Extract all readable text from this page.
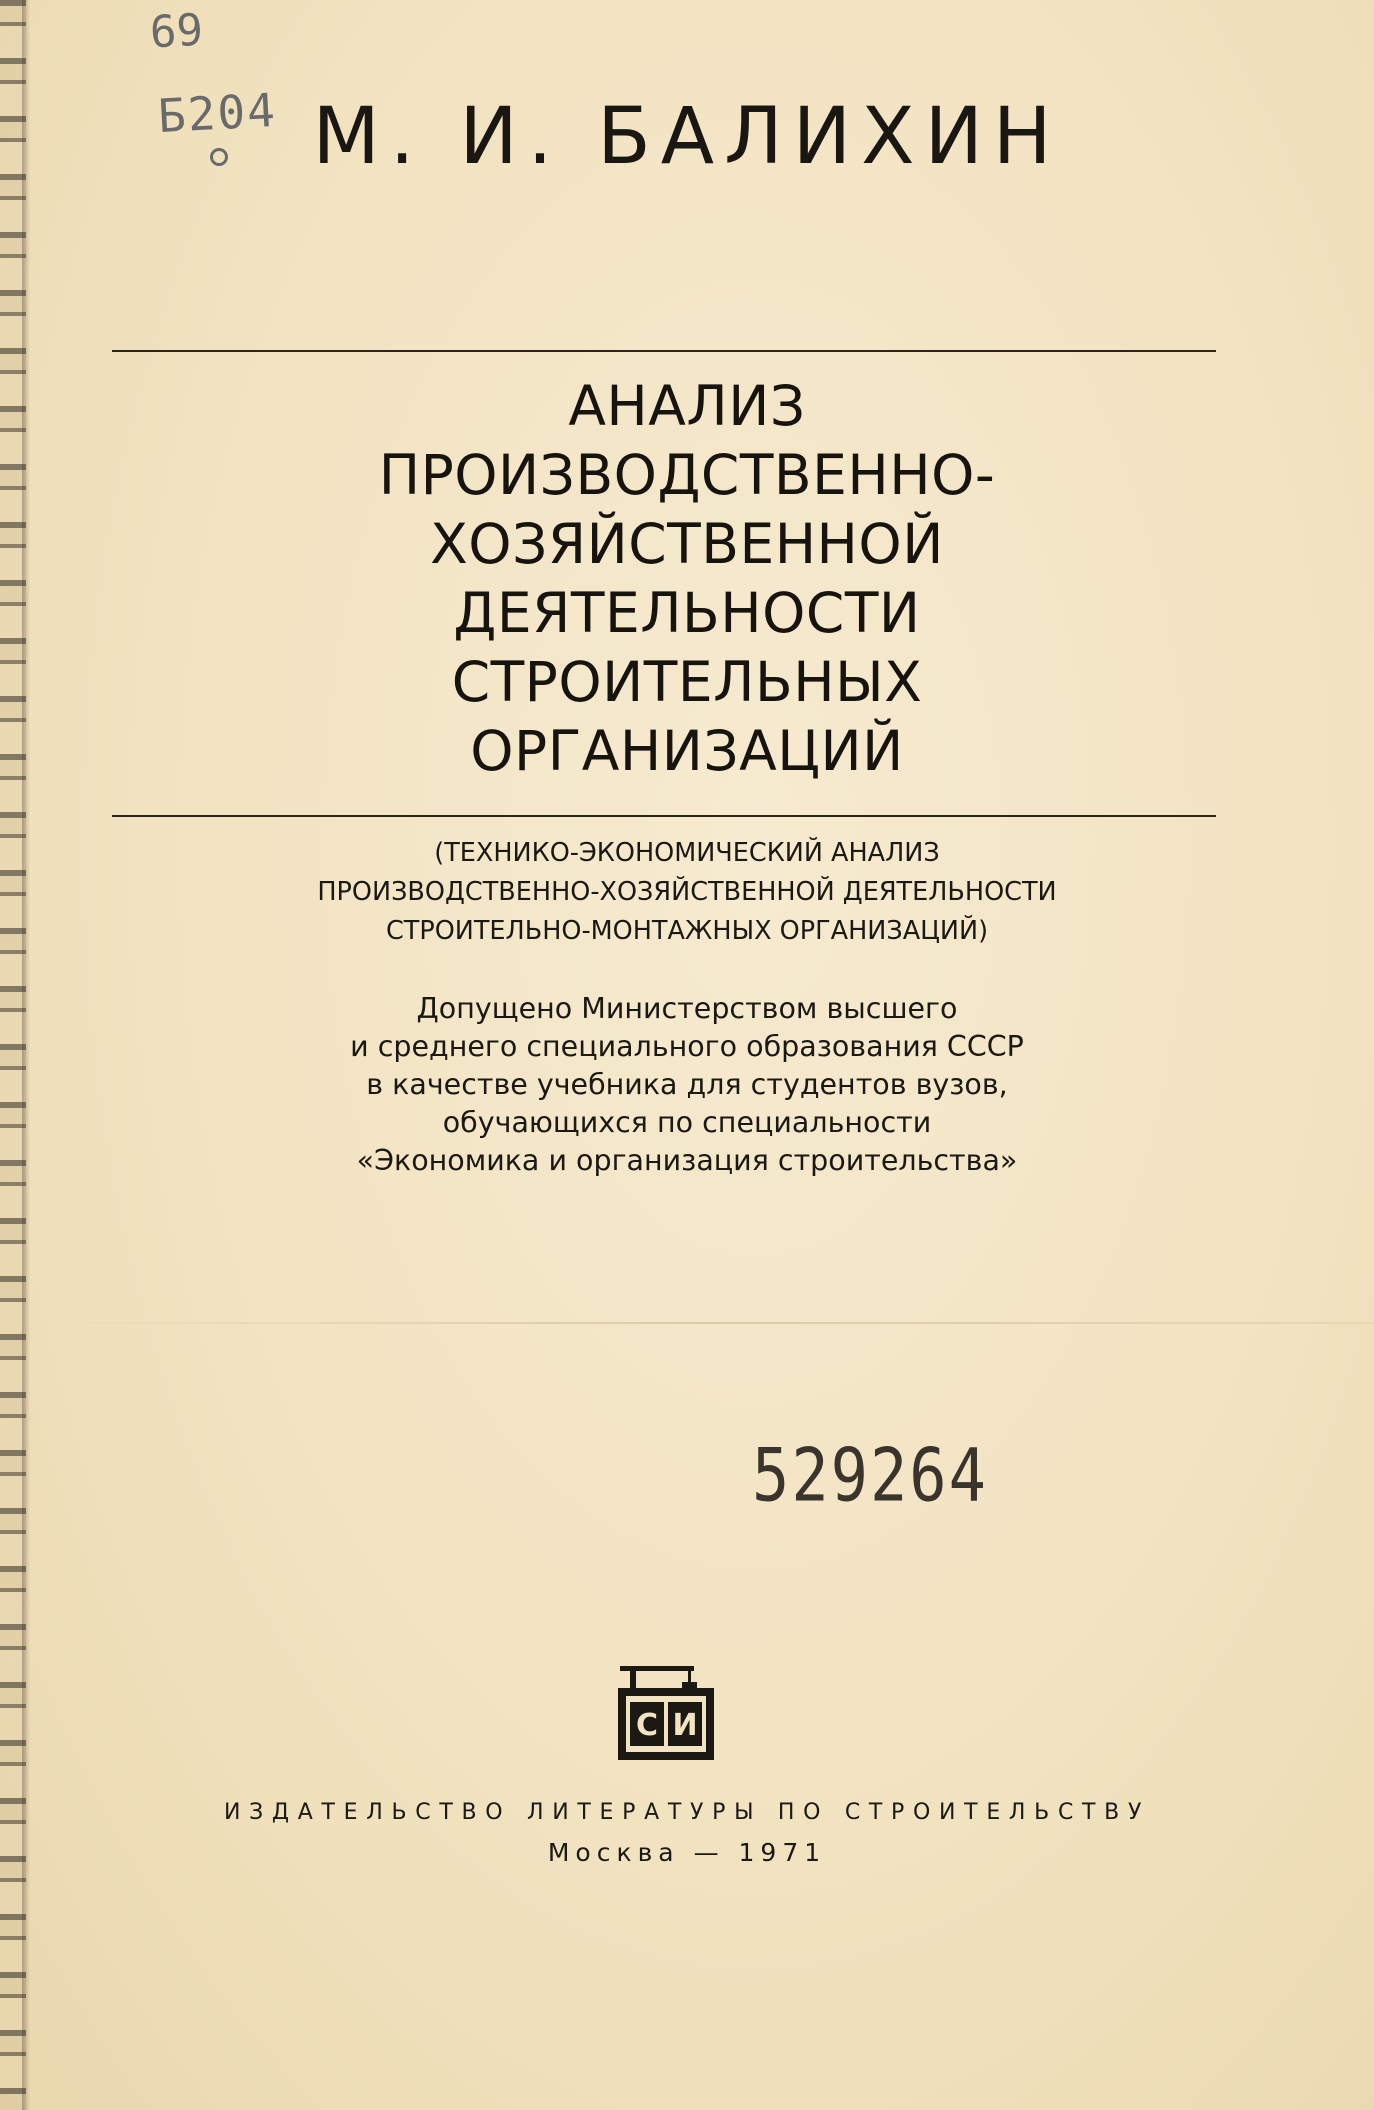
69
Б204 М. И. БАЛИХИН
АНАЛИЗ
ПРОИЗВОДСТВЕННО-
ХОЗЯЙСТВЕННОЙ
ДЕЯТЕЛЬНОСТИ
СТРОИТЕЛЬНЫХ
ОРГАНИЗАЦИЙ
(ТЕХНИКО-ЭКОНОМИЧЕСКИЙ АНАЛИЗ
ПРОИЗВОДСТВЕННО-ХОЗЯЙСТВЕННОЙ ДЕЯТЕЛЬНОСТИ
СТРОИТЕЛЬНО-МОНТАЖНЫХ ОРГАНИЗАЦИЙ)
Допущено Министерством высшего
и среднего специального образования СССР
в качестве учебника для студентов вузов,
обучающихся по специальности
«Экономика и организация строительства»
529264
С И
ИЗДАТЕЛЬСТВО ЛИТЕРАТУРЫ ПО СТРОИТЕЛЬСТВУ
Москва — 1971
